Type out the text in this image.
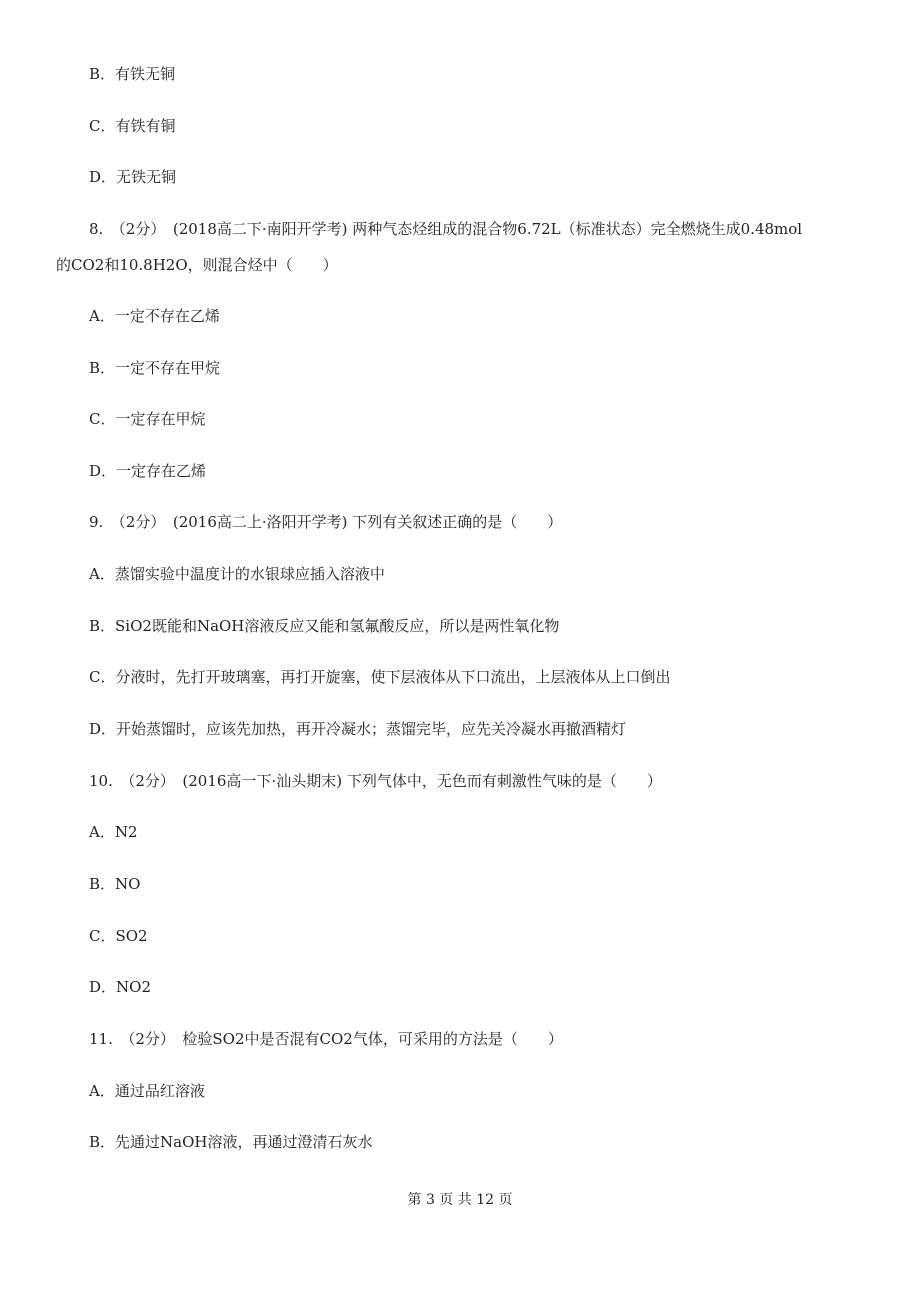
B．有铁无铜
C．有铁有铜
D．无铁无铜
8.　（2分）　(2018高二下·南阳开学考) 两种气态烃组成的混合物6.72L（标准状态）完全燃烧生成0.48mol
的CO2和10.8H2O，则混合烃中（　　）
A．一定不存在乙烯
B．一定不存在甲烷
C．一定存在甲烷
D．一定存在乙烯
9.　（2分）　(2016高二上·洛阳开学考) 下列有关叙述正确的是（　　）
A．蒸馏实验中温度计的水银球应插入溶液中
B．SiO2既能和NaOH溶液反应又能和氢氟酸反应，所以是两性氧化物
C．分液时，先打开玻璃塞，再打开旋塞，使下层液体从下口流出，上层液体从上口倒出
D．开始蒸馏时，应该先加热，再开冷凝水；蒸馏完毕，应先关冷凝水再撤酒精灯
10.　（2分）　(2016高一下·汕头期末) 下列气体中，无色而有刺激性气味的是（　　）
A．N2
B．NO
C．SO2
D．NO2
11.　（2分）　检验SO2中是否混有CO2气体，可采用的方法是（　　）
A．通过品红溶液
B．先通过NaOH溶液，再通过澄清石灰水
第 3 页 共 12 页
